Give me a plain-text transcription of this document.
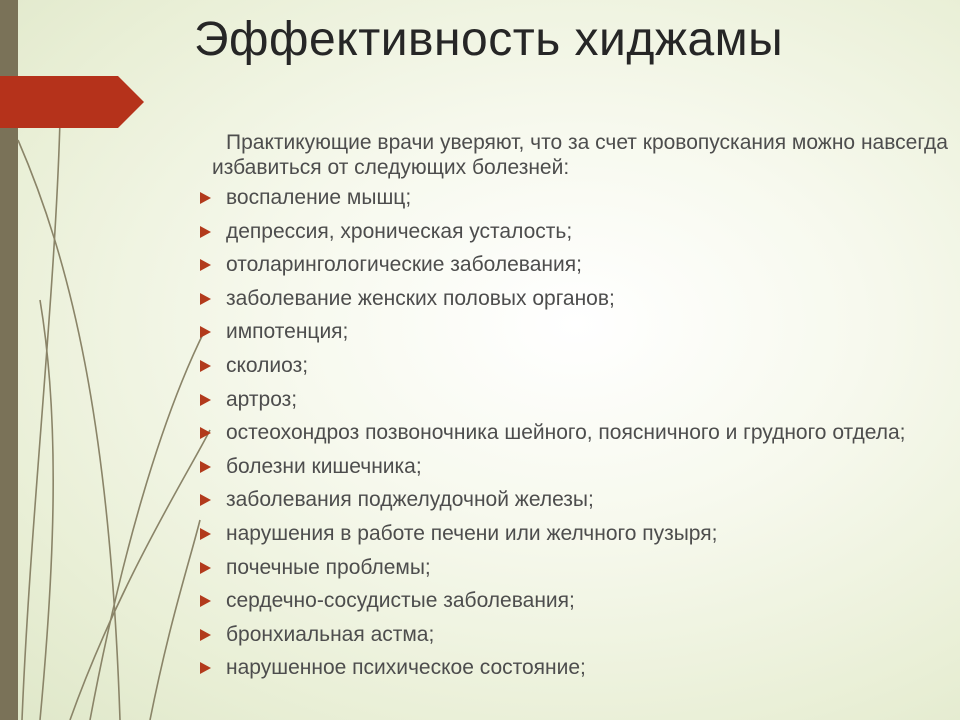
Эффективность хиджамы

Практикующие врачи уверяют, что за счет кровопускания можно навсегда избавиться от следующих болезней:

воспаление мышц;
депрессия, хроническая усталость;
отоларингологические заболевания;
заболевание женских половых органов;
импотенция;
сколиоз;
артроз;
остеохондроз позвоночника шейного, поясничного и грудного отдела;
болезни кишечника;
заболевания поджелудочной железы;
нарушения в работе печени или желчного пузыря;
почечные проблемы;
сердечно-сосудистые заболевания;
бронхиальная астма;
нарушенное психическое состояние;
